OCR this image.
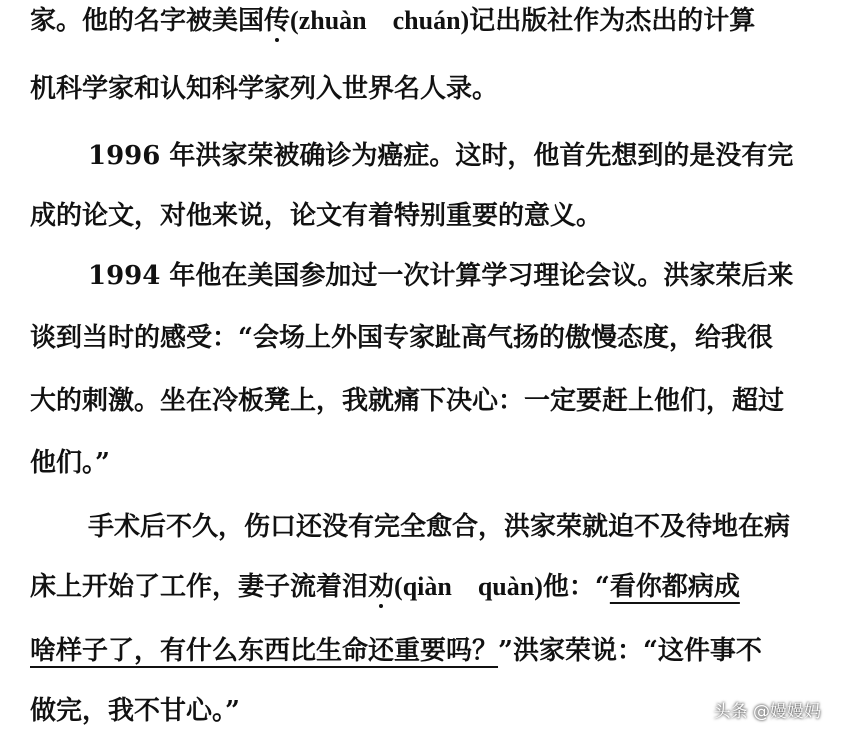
家。他的名字被美国传(zhuàn　chuán)记出版社作为杰出的计算
机科学家和认知科学家列入世界名人录。
1996 年洪家荣被确诊为癌症。这时，他首先想到的是没有完
成的论文，对他来说，论文有着特别重要的意义。
1994 年他在美国参加过一次计算学习理论会议。洪家荣后来
谈到当时的感受：“会场上外国专家趾高气扬的傲慢态度，给我很
大的刺激。坐在冷板凳上，我就痛下决心：一定要赶上他们，超过
他们。”
手术后不久，伤口还没有完全愈合，洪家荣就迫不及待地在病
床上开始了工作，妻子流着泪劝(qiàn　quàn)他：“看你都病成
啥样子了，有什么东西比生命还重要吗？”洪家荣说：“这件事不
做完，我不甘心。”	头条 @嫚嫚妈
